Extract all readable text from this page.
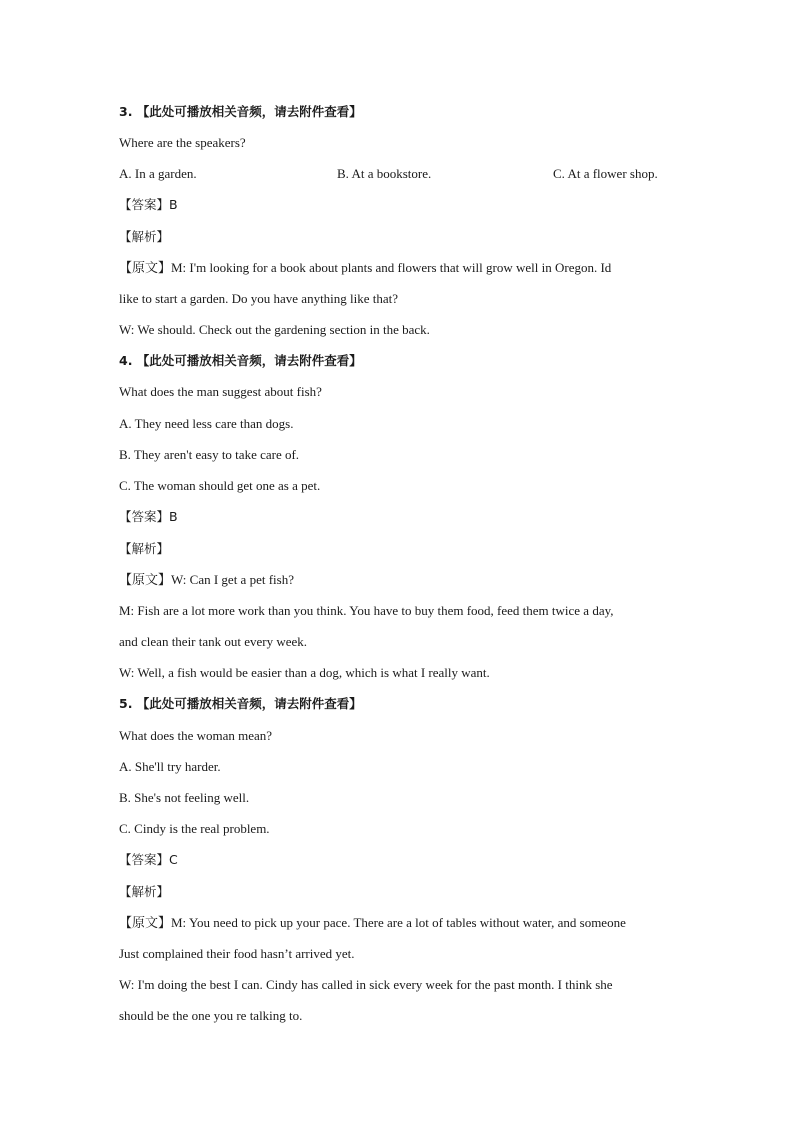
3. 【此处可播放相关音频，请去附件查看】
Where are the speakers?
A. In a garden.	B. At a bookstore.	C. At a flower shop.
【答案】B
【解析】
【原文】M: I'm looking for a book about plants and flowers that will grow well in Oregon. Id
like to start a garden. Do you have anything like that?
W: We should. Check out the gardening section in the back.
4. 【此处可播放相关音频，请去附件查看】
What does the man suggest about fish?
A. They need less care than dogs.
B. They aren't easy to take care of.
C. The woman should get one as a pet.
【答案】B
【解析】
【原文】W: Can I get a pet fish?
M: Fish are a lot more work than you think. You have to buy them food, feed them twice a day,
and clean their tank out every week.
W: Well, a fish would be easier than a dog, which is what I really want.
5. 【此处可播放相关音频，请去附件查看】
What does the woman mean?
A. She'll try harder.
B. She's not feeling well.
C. Cindy is the real problem.
【答案】C
【解析】
【原文】M: You need to pick up your pace. There are a lot of tables without water, and someone
Just complained their food hasn’t arrived yet.
W: I'm doing the best I can. Cindy has called in sick every week for the past month. I think she
should be the one you re talking to.
